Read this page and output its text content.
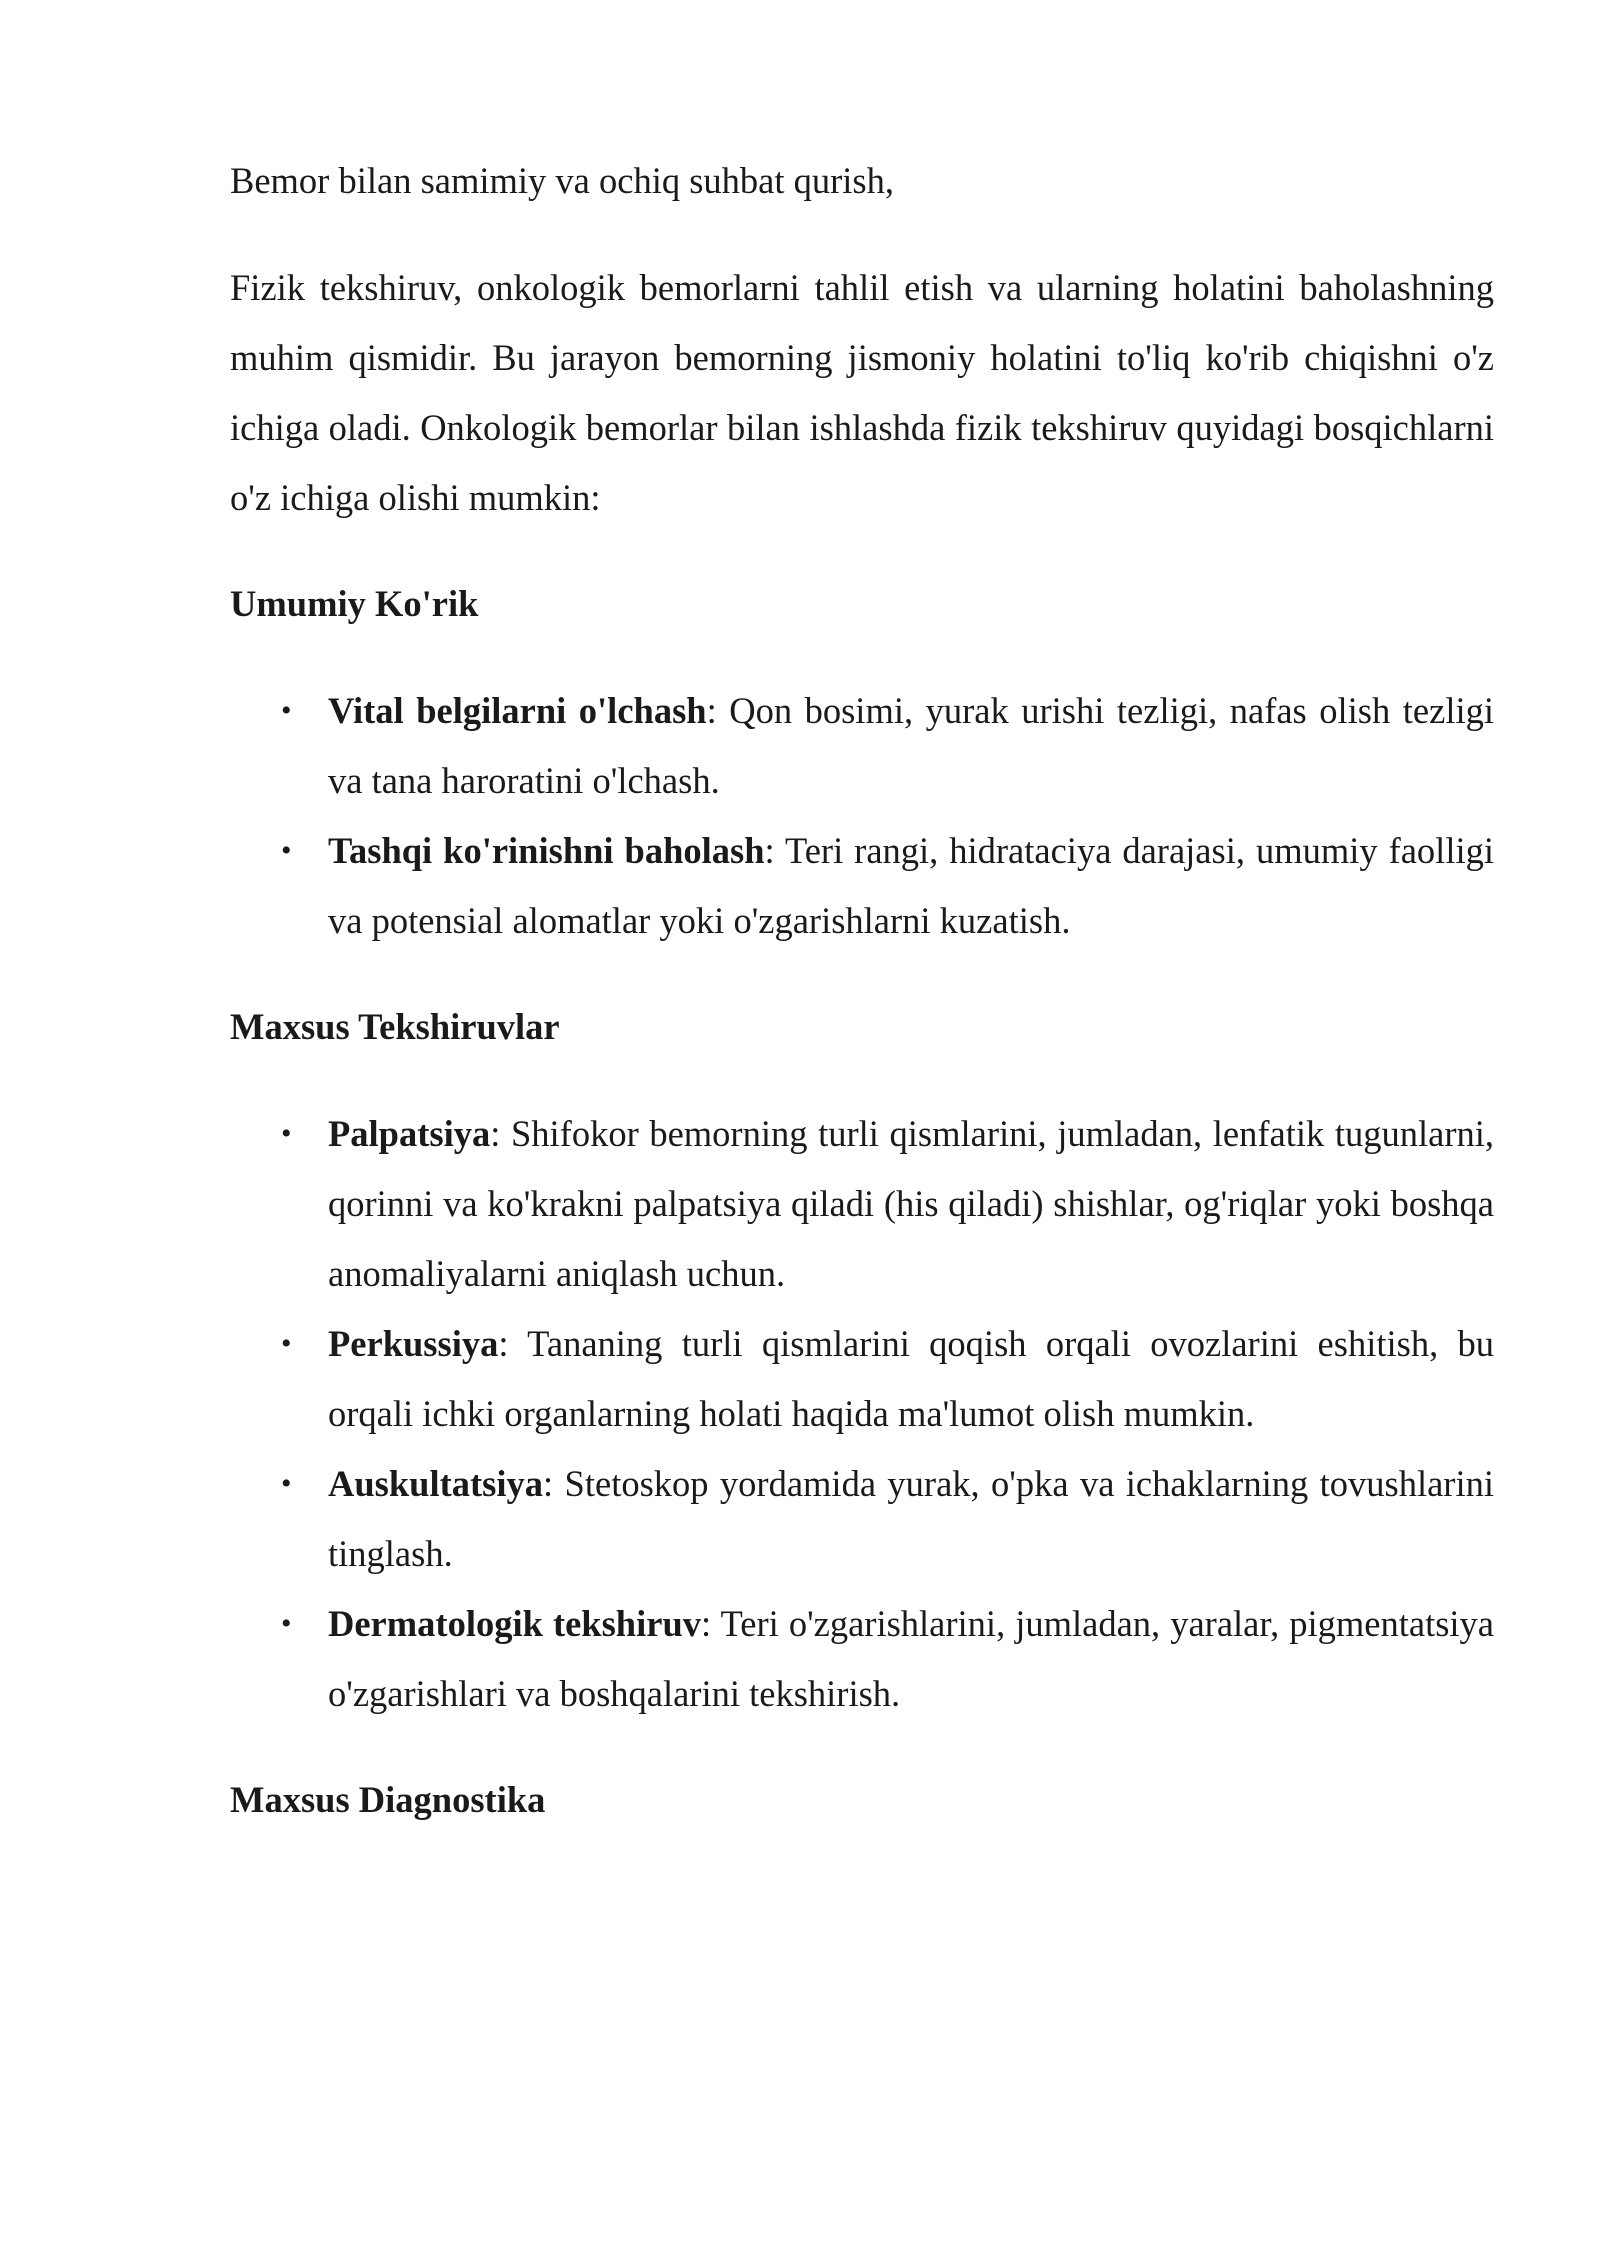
Bemor bilan samimiy va ochiq suhbat qurish,

Fizik tekshiruv, onkologik bemorlarni tahlil etish va ularning holatini baholashning muhim qismidir. Bu jarayon bemorning jismoniy holatini to'liq ko'rib chiqishni o'z ichiga oladi. Onkologik bemorlar bilan ishlashda fizik tekshiruv quyidagi bosqichlarni o'z ichiga olishi mumkin:

Umumiy Ko'rik
• Vital belgilarni o'lchash: Qon bosimi, yurak urishi tezligi, nafas olish tezligi va tana haroratini o'lchash.
• Tashqi ko'rinishni baholash: Teri rangi, hidrataciya darajasi, umumiy faolligi va potensial alomatlar yoki o'zgarishlarni kuzatish.
Maxsus Tekshiruvlar
• Palpatsiya: Shifokor bemorning turli qismlarini, jumladan, lenfatik tugunlarni, qorinni va ko'krakni palpatsiya qiladi (his qiladi) shishlar, og'riqlar yoki boshqa anomaliyalarni aniqlash uchun.
• Perkussiya: Tananing turli qismlarini qoqish orqali ovozlarini eshitish, bu orqali ichki organlarning holati haqida ma'lumot olish mumkin.
• Auskultatsiya: Stetoskop yordamida yurak, o'pka va ichaklarning tovushlarini tinglash.
• Dermatologik tekshiruv: Teri o'zgarishlarini, jumladan, yaralar, pigmentatsiya o'zgarishlari va boshqalarini tekshirish.
Maxsus Diagnostika
